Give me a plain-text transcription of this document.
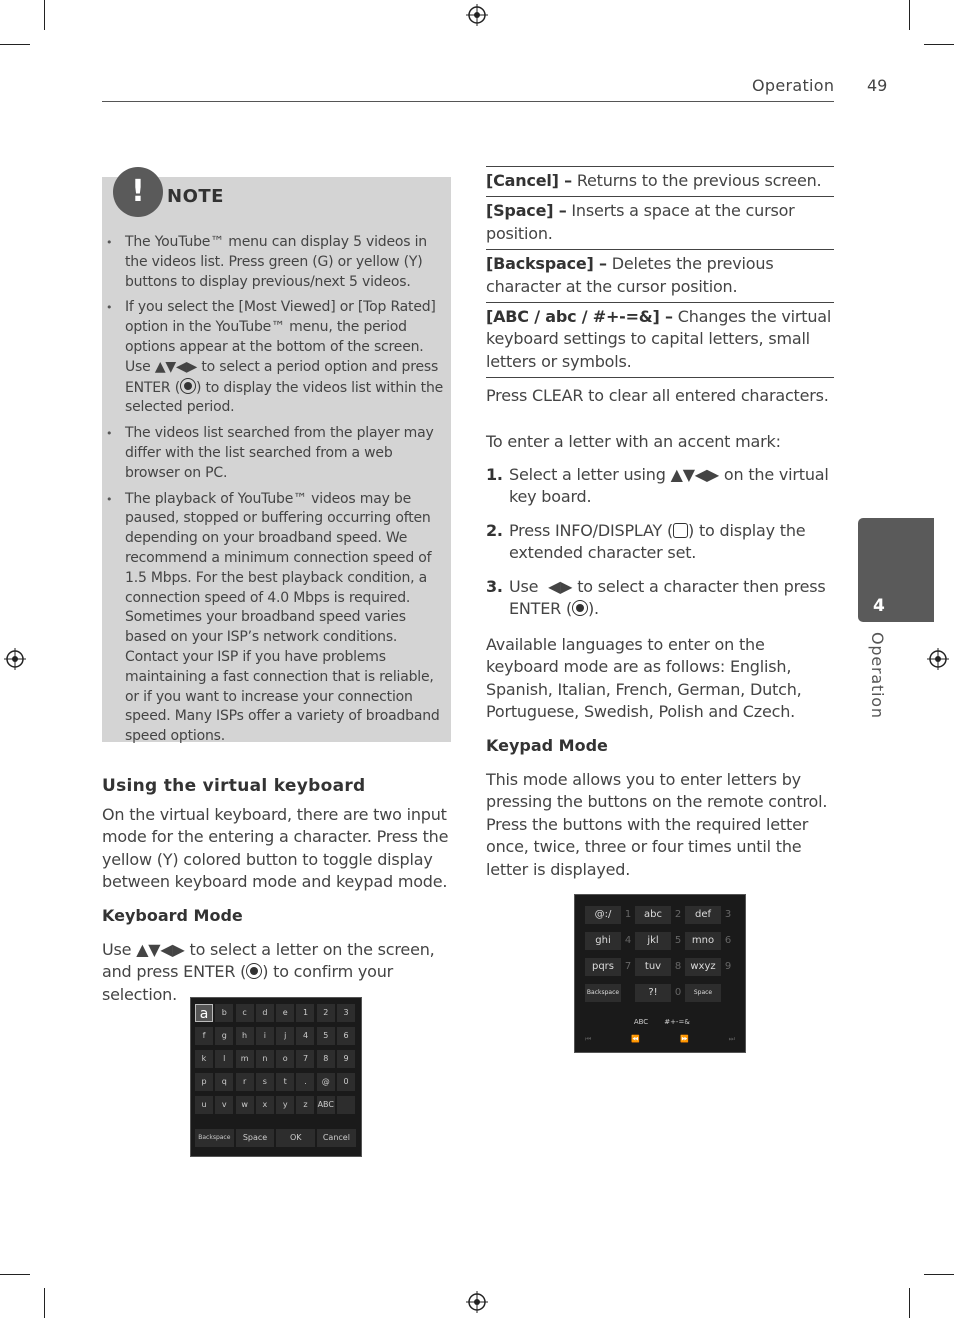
Operation 49
!	NOTE
• The YouTube™ menu can display 5 videos in the videos list. Press green (G) or yellow (Y) buttons to display previous/next 5 videos.
• If you select the [Most Viewed] or [Top Rated] option in the YouTube™ menu, the period options appear at the bottom of the screen. Use ▲▼◀▶ to select a period option and press ENTER ( ) to display the videos list within the selected period.
• The videos list searched from the player may differ with the list searched from a web browser on PC.
• The playback of YouTube™ videos may be paused, stopped or buffering occurring often depending on your broadband speed. We recommend a minimum connection speed of 1.5 Mbps. For the best playback condition, a connection speed of 4.0 Mbps is required. Sometimes your broadband speed varies based on your ISP’s network conditions. Contact your ISP if you have problems maintaining a fast connection that is reliable, or if you want to increase your connection speed. Many ISPs offer a variety of broadband speed options.
Using the virtual keyboard
On the virtual keyboard, there are two input mode for the entering a character. Press the yellow (Y) colored button to toggle display between keyboard mode and keypad mode.
Keyboard Mode
Use ▲▼◀▶ to select a letter on the screen, and press ENTER ( ) to confirm your selection.
a	b	c	d	e	1	2	3
f	g	h	i	j	4	5	6
k	l	m	n	o	7	8	9
p	q	r	s	t	.	@	0
u	v	w	x	y	z	ABC
Backspace	Space	OK	Cancel
[Cancel] – Returns to the previous screen.
[Space] – Inserts a space at the cursor position.
[Backspace] – Deletes the previous character at the cursor position.
[ABC / abc / #+-=&] – Changes the virtual keyboard settings to capital letters, small letters or symbols.
Press CLEAR to clear all entered characters.
To enter a letter with an accent mark:
1. Select a letter using ▲▼◀▶ on the virtual key board.
2. Press INFO/DISPLAY ( ) to display the extended character set.
3. Use ◀▶ to select a character then press ENTER ( ).
Available languages to enter on the keyboard mode are as follows: English, Spanish, Italian, French, German, Dutch, Portuguese, Swedish, Polish and Czech.
Keypad Mode
This mode allows you to enter letters by pressing the buttons on the remote control. Press the buttons with the required letter once, twice, three or four times until the letter is displayed.
@:/	1	abc	2	def	3
ghi	4	jkl	5	mno	6
pqrs	7	tuv	8 wxyz 9
Backspace	?!	0	Space
ABC	#+-=&
⏮	⏪	⏩	⏭
4
Operation
